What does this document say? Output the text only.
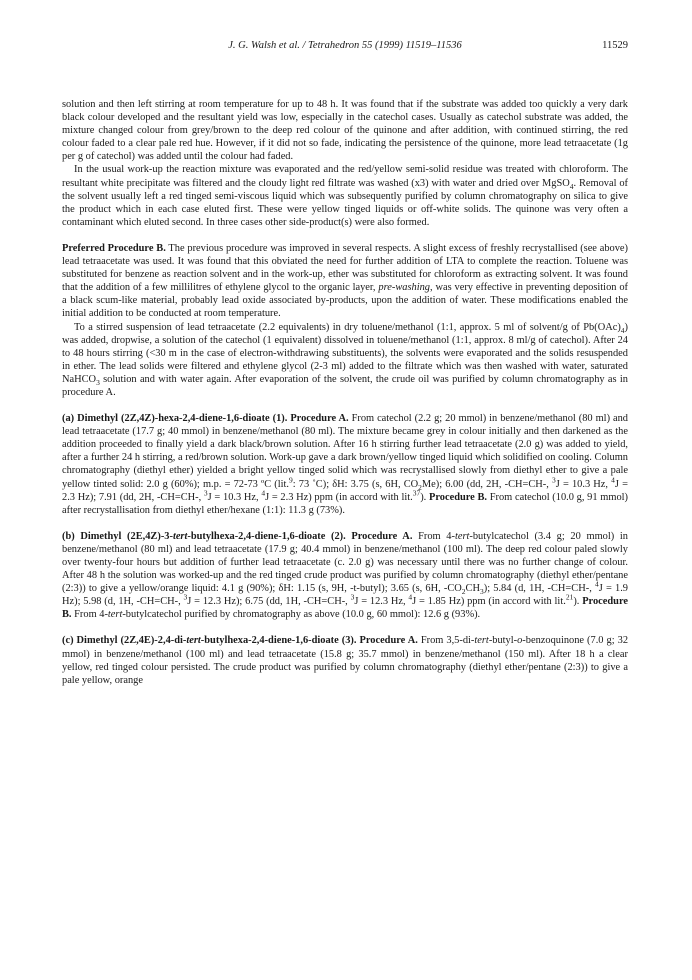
J. G. Walsh et al. / Tetrahedron 55 (1999) 11519–11536	11529

solution and then left stirring at room temperature for up to 48 h. It was found that if the substrate was added too quickly a very dark black colour developed and the resultant yield was low, especially in the catechol cases. Usually as catechol substrate was added, the mixture changed colour from grey/brown to the deep red colour of the quinone and after addition, with continued stirring, the red colour faded to a clear pale red hue. However, if it did not so fade, indicating the persistence of the quinone, more lead tetraacetate (1g per g of catechol) was added until the colour had faded.

In the usual work-up the reaction mixture was evaporated and the red/yellow semi-solid residue was treated with chloroform. The resultant white precipitate was filtered and the cloudy light red filtrate was washed (x3) with water and dried over MgSO$_4$. Removal of the solvent usually left a red tinged semi-viscous liquid which was subsequently purified by column chromatography on silica to give the product which in each case eluted first. These were yellow tinged liquids or off-white solids. The quinone was very often a contaminant which eluted second. In three cases other side-product(s) were also formed.

Preferred Procedure B. The previous procedure was improved in several respects. A slight excess of freshly recrystallised (see above) lead tetraacetate was used. It was found that this obviated the need for further addition of LTA to complete the reaction. Toluene was substituted for benzene as reaction solvent and in the work-up, ether was substituted for chloroform as extracting solvent. It was found that the addition of a few millilitres of ethylene glycol to the organic layer, pre-washing, was very effective in preventing deposition of a black scum-like material, probably lead oxide associated by-products, upon the addition of water. These modifications enabled the initial addition to be conducted at room temperature.

To a stirred suspension of lead tetraacetate (2.2 equivalents) in dry toluene/methanol (1:1, approx. 5 ml of solvent/g of $Pb(OAc)_4$) was added, dropwise, a solution of the catechol (1 equivalent) dissolved in toluene/methanol (1:1, approx. 8 ml/g of catechol). After 24 to 48 hours stirring (<30 m in the case of electron-withdrawing substituents), the solvents were evaporated and the solids resuspended in ether. The lead solids were filtered and ethylene glycol (2-3 ml) added to the filtrate which was then washed with water, saturated NaHCO$_3$ solution and with water again. After evaporation of the solvent, the crude oil was purified by column chromatography as in procedure A.

(a) Dimethyl (2Z,4Z)-hexa-2,4-diene-1,6-dioate (1). Procedure A. From catechol (2.2 g; 20 mmol) in benzene/methanol (80 ml) and lead tetraacetate (17.7 g; 40 mmol) in benzene/methanol (80 ml). The mixture became grey in colour initially and then darkened as the addition proceeded to finally yield a dark black/brown solution. After 16 h stirring further lead tetraacetate (2.0 g) was added to yield, after a further 24 h stirring, a red/brown solution. Work-up gave a dark brown/yellow tinged liquid which solidified on cooling. Column chromatography (diethyl ether) yielded a bright yellow tinged solid which was recrystallised slowly from diethyl ether to give a pale yellow tinted solid: 2.0 g (60%); m.p. = 72-73 ºC (lit.$^9$: 73 ˚C); δH: 3.75 (s, 6H, $CO_2Me$); 6.00 (dd, 2H, -CH=CH-, $^3$J = 10.3 Hz, $^4$J = 2.3 Hz); 7.91 (dd, 2H, -CH=CH-, $^3$J = 10.3 Hz, $^4$J = 2.3 Hz) ppm (in accord with lit.$^{37}$). Procedure B. From catechol (10.0 g, 91 mmol) after recrystallisation from diethyl ether/hexane (1:1): 11.3 g (73%).

(b) Dimethyl (2E,4Z)-3-tert-butylhexa-2,4-diene-1,6-dioate (2). Procedure A. From 4-tert-butylcatechol (3.4 g; 20 mmol) in benzene/methanol (80 ml) and lead tetraacetate (17.9 g; 40.4 mmol) in benzene/methanol (100 ml). The deep red colour paled slowly over twenty-four hours but addition of further lead tetraacetate (c. 2.0 g) was necessary until there was no further change of colour. After 48 h the solution was worked-up and the red tinged crude product was purified by column chromatography (diethyl ether/pentane (2:3)) to give a yellow/orange liquid: 4.1 g (90%); δH: 1.15 (s, 9H, -t-butyl); 3.65 (s, 6H, $-CO_2CH_3$); 5.84 (d, 1H, -CH=CH-, $^4$J = 1.9 Hz); 5.98 (d, 1H, -CH=CH-, $^3$J = 12.3 Hz); 6.75 (dd, 1H, -CH=CH-, $^3$J = 12.3 Hz, $^4$J = 1.85 Hz) ppm (in accord with lit.$^{21}$). Procedure B. From 4-tert-butylcatechol purified by chromatography as above (10.0 g, 60 mmol): 12.6 g (93%).

(c) Dimethyl (2Z,4E)-2,4-di-tert-butylhexa-2,4-diene-1,6-dioate (3). Procedure A. From 3,5-di-tert-butyl-o-benzoquinone (7.0 g; 32 mmol) in benzene/methanol (100 ml) and lead tetraacetate (15.8 g; 35.7 mmol) in benzene/methanol (150 ml). After 18 h a clear yellow, red tinged colour persisted. The crude product was purified by column chromatography (diethyl ether/pentane (2:3)) to give a pale yellow, orange
